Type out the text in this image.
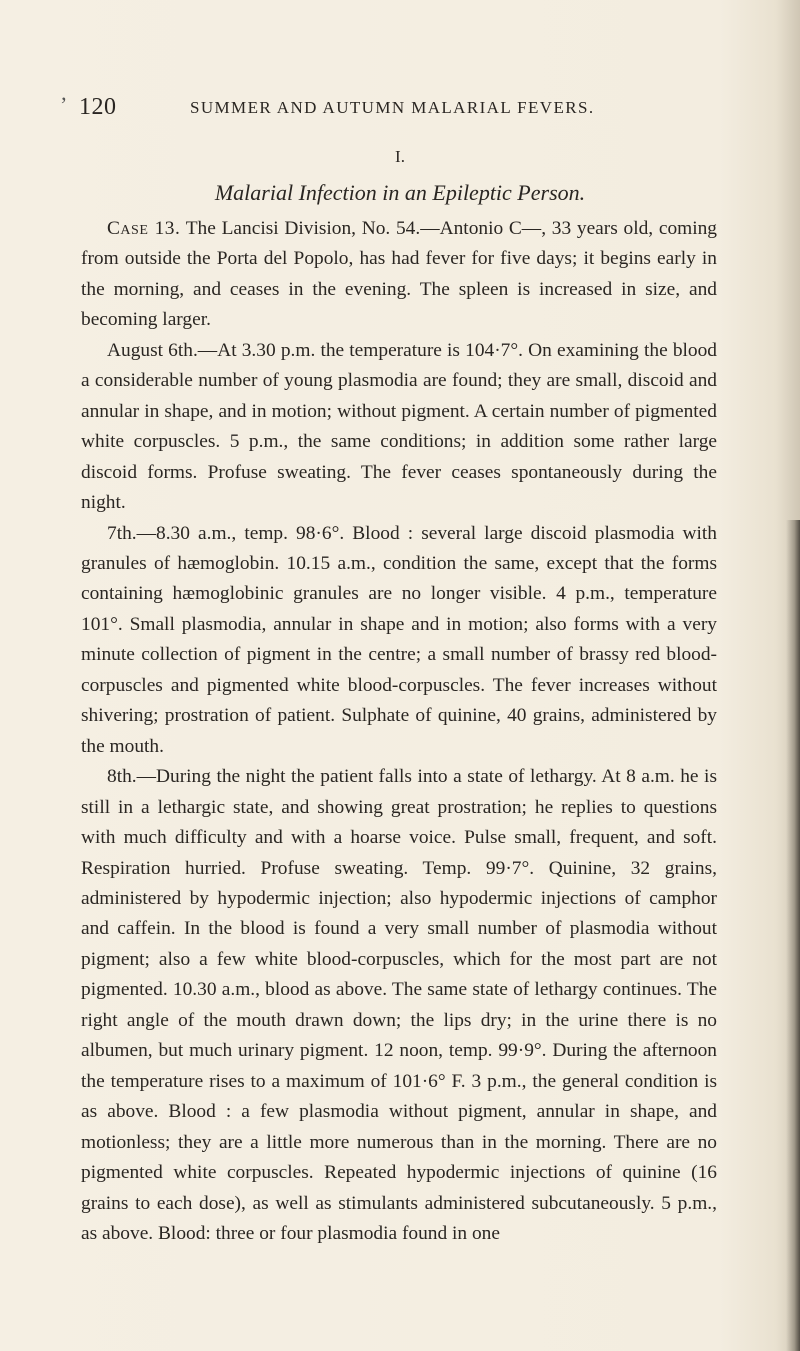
’ 120	SUMMER AND AUTUMN MALARIAL FEVERS.
I.
Malarial Infection in an Epileptic Person.

Case 13. The Lancisi Division, No. 54.—Antonio C—, 33 years old, coming from outside the Porta del Popolo, has had fever for five days; it begins early in the morning, and ceases in the evening. The spleen is increased in size, and becoming larger.

August 6th.—At 3.30 p.m. the temperature is 104·7°. On examining the blood a considerable number of young plasmodia are found; they are small, discoid and annular in shape, and in motion; without pigment. A certain number of pigmented white corpuscles. 5 p.m., the same conditions; in addition some rather large discoid forms. Profuse sweating. The fever ceases spontaneously during the night.

7th.—8.30 a.m., temp. 98·6°. Blood : several large discoid plasmodia with granules of hæmoglobin. 10.15 a.m., condition the same, except that the forms containing hæmoglobinic granules are no longer visible. 4 p.m., temperature 101°. Small plasmodia, annular in shape and in motion; also forms with a very minute collection of pigment in the centre; a small number of brassy red blood-corpuscles and pigmented white blood-corpuscles. The fever increases without shivering; prostration of patient. Sulphate of quinine, 40 grains, administered by the mouth.

8th.—During the night the patient falls into a state of lethargy. At 8 a.m. he is still in a lethargic state, and showing great prostration; he replies to questions with much difficulty and with a hoarse voice. Pulse small, frequent, and soft. Respiration hurried. Profuse sweating. Temp. 99·7°. Quinine, 32 grains, administered by hypodermic injection; also hypodermic injections of camphor and caffein. In the blood is found a very small number of plasmodia without pigment; also a few white blood-corpuscles, which for the most part are not pigmented. 10.30 a.m., blood as above. The same state of lethargy continues. The right angle of the mouth drawn down; the lips dry; in the urine there is no albumen, but much urinary pigment. 12 noon, temp. 99·9°. During the afternoon the temperature rises to a maximum of 101·6° F. 3 p.m., the general condition is as above. Blood : a few plasmodia without pigment, annular in shape, and motionless; they are a little more numerous than in the morning. There are no pigmented white corpuscles. Repeated hypodermic injections of quinine (16 grains to each dose), as well as stimulants administered subcutaneously. 5 p.m., as above. Blood: three or four plasmodia found in one
